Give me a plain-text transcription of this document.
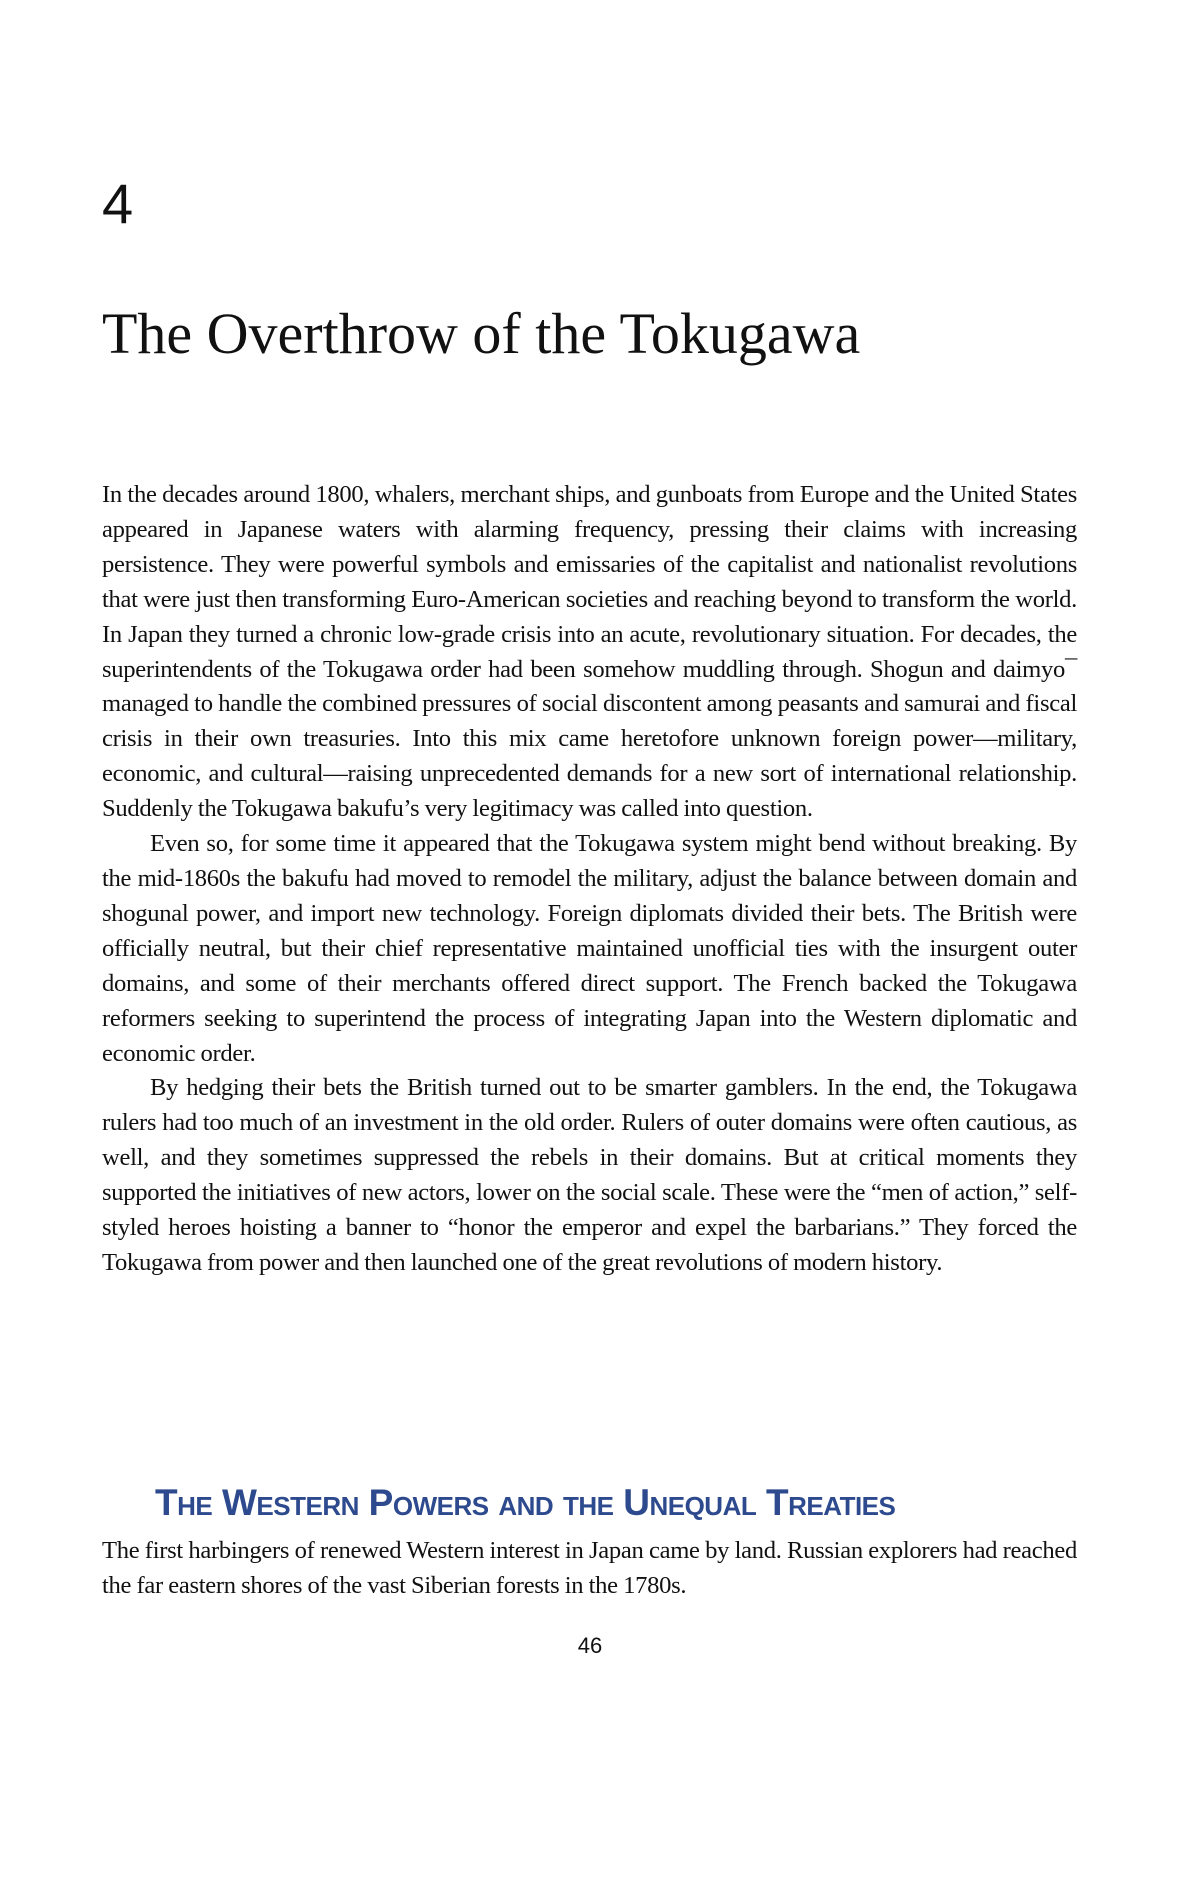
4
The Overthrow of the Tokugawa

In the decades around 1800, whalers, merchant ships, and gunboats from Europe and the United States appeared in Japanese waters with alarming frequency, pressing their claims with increasing persistence. They were powerful symbols and emissaries of the capitalist and nationalist revolutions that were just then transforming Euro-American societies and reaching beyond to transform the world. In Japan they turned a chronic low-grade crisis into an acute, revolutionary situation. For decades, the superintendents of the Tokugawa order had been somehow muddling through. Shogun and daimyo¯ managed to handle the combined pressures of social discontent among peasants and samurai and fiscal crisis in their own treasuries. Into this mix came heretofore unknown foreign power—military, economic, and cultural—raising unprecedented demands for a new sort of international relationship. Suddenly the Tokugawa bakufu’s very legitimacy was called into question.

Even so, for some time it appeared that the Tokugawa system might bend without breaking. By the mid-1860s the bakufu had moved to remodel the military, adjust the balance between domain and shogunal power, and import new technology. Foreign diplomats divided their bets. The British were officially neutral, but their chief representative maintained unofficial ties with the insurgent outer domains, and some of their merchants offered direct support. The French backed the Tokugawa reformers seeking to superintend the process of integrating Japan into the Western diplomatic and economic order.

By hedging their bets the British turned out to be smarter gamblers. In the end, the Tokugawa rulers had too much of an investment in the old order. Rulers of outer domains were often cautious, as well, and they sometimes suppressed the rebels in their domains. But at critical moments they supported the initiatives of new actors, lower on the social scale. These were the “men of action,” self-styled heroes hoisting a banner to “honor the emperor and expel the barbarians.” They forced the Tokugawa from power and then launched one of the great revolutions of modern history.

The Western Powers and the Unequal Treaties

The first harbingers of renewed Western interest in Japan came by land. Russian explorers had reached the far eastern shores of the vast Siberian forests in the 1780s.

46
